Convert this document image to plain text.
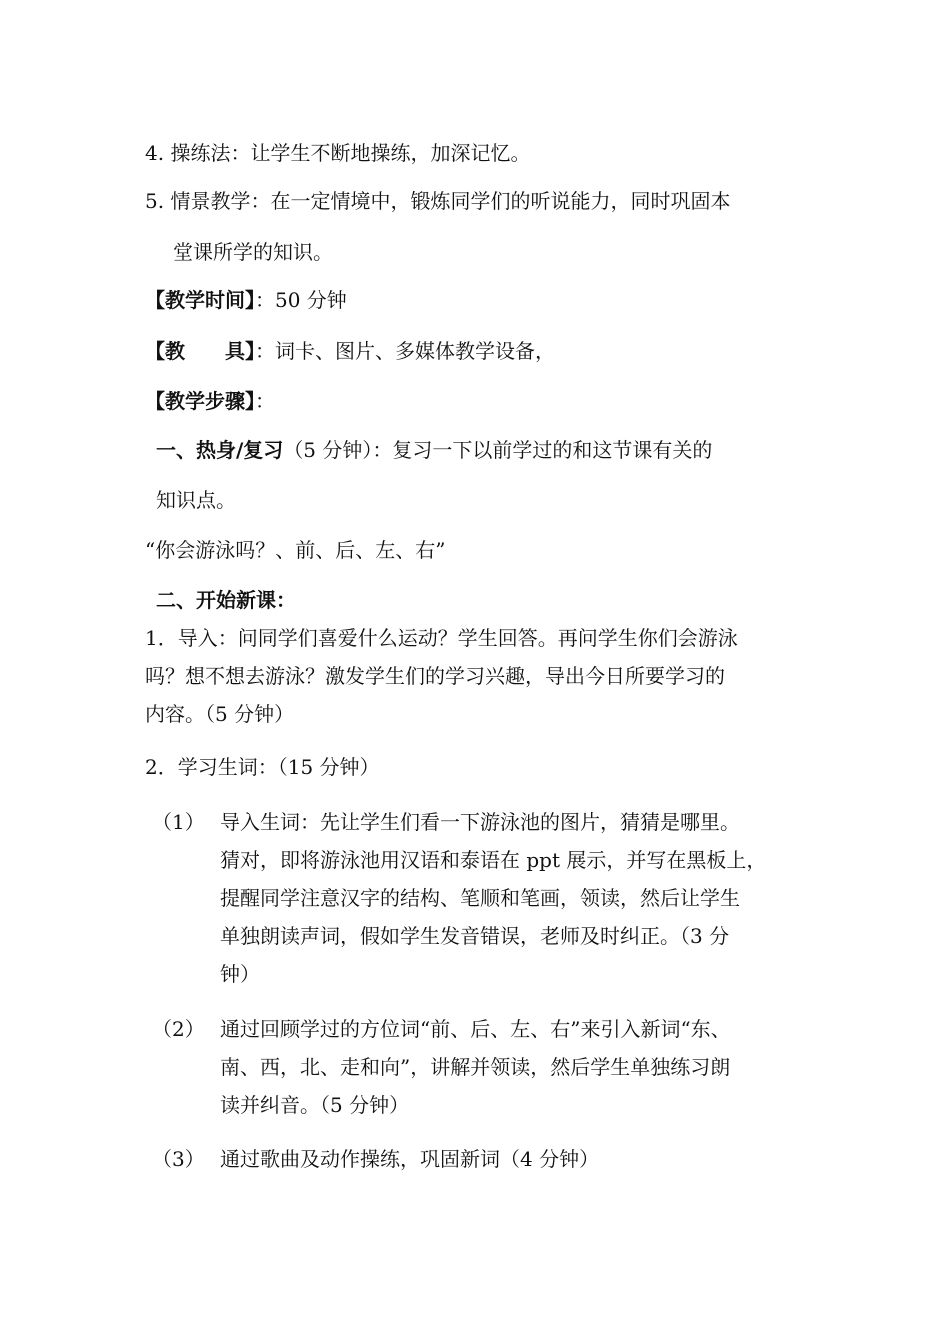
4. 操练法：让学生不断地操练，加深记忆。
5. 情景教学：在一定情境中，锻炼同学们的听说能力，同时巩固本
堂课所学的知识。
【教学时间】：50 分钟
【教　　具】：词卡、图片、多媒体教学设备，
【教学步骤】：
一、热身/复习（5 分钟）：复习一下以前学过的和这节课有关的
知识点。
“你会游泳吗？、前、后、左、右”
二、开始新课：
1．导入：问同学们喜爱什么运动？学生回答。再问学生你们会游泳
吗？想不想去游泳？激发学生们的学习兴趣，导出今日所要学习的
内容。（5 分钟）
2．学习生词：（15 分钟）
（1） 导入生词：先让学生们看一下游泳池的图片，猜猜是哪里。
猜对，即将游泳池用汉语和泰语在 ppt 展示，并写在黑板上，
提醒同学注意汉字的结构、笔顺和笔画，领读，然后让学生
单独朗读声词，假如学生发音错误，老师及时纠正。（3 分
钟）
（2） 通过回顾学过的方位词“前、后、左、右”来引入新词“东、
南、西，北、走和向”，讲解并领读，然后学生单独练习朗
读并纠音。（5 分钟）
（3） 通过歌曲及动作操练，巩固新词（4 分钟）
